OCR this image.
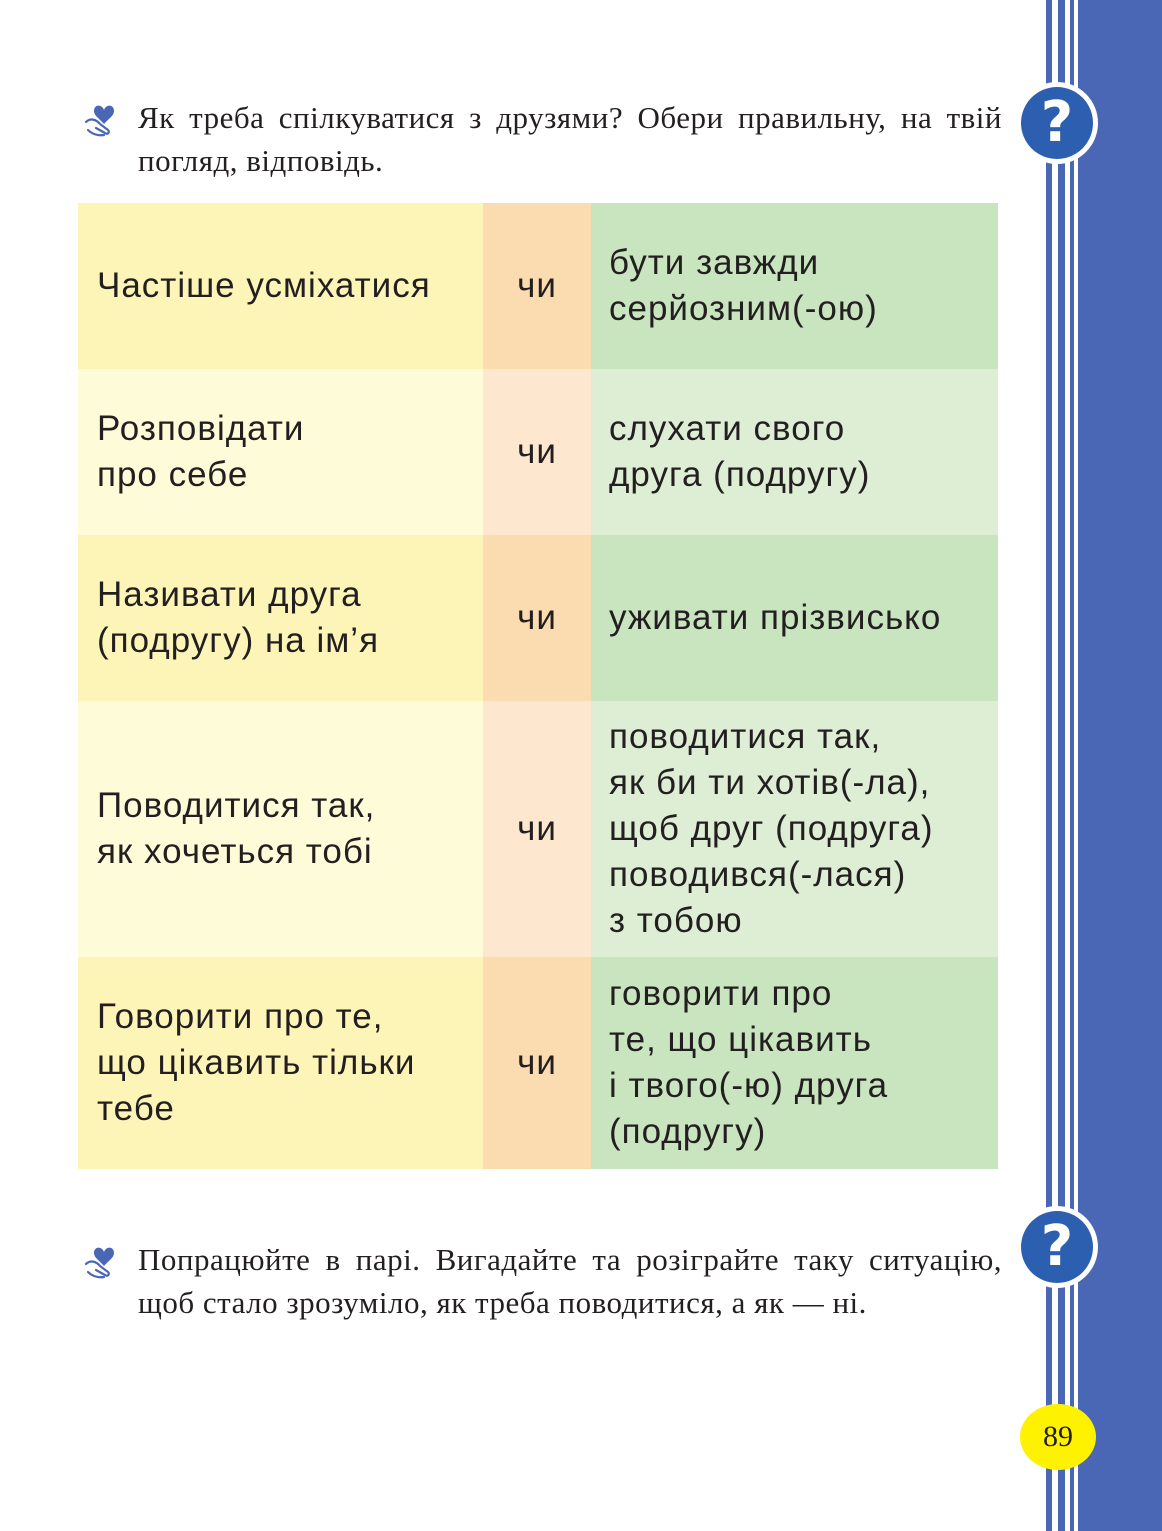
?
?
Як треба спілкуватися з друзями? Обери правильну, на твій погляд, відповідь.
Частіше усміхатися чи
бути завжди
серйозним(-ою)
Розповідати
про себе
чи
слухати свого
друга (подругу)
Називати друга
(подругу) на ім’я
чи уживати прізвисько
Поводитися так,
як хочеться тобі
чи
поводитися так,
як би ти хотів(-ла),
щоб друг (подруга)
поводився(-лася)
з тобою
Говорити про те,
що цікавить тільки
тебе
чи
говорити про
те, що цікавить
і твого(-ю) друга
(подругу)
Попрацюйте в парі. Вигадайте та розіграйте таку ситуацію, щоб стало зрозуміло, як треба поводитися, а як — ні.
89
